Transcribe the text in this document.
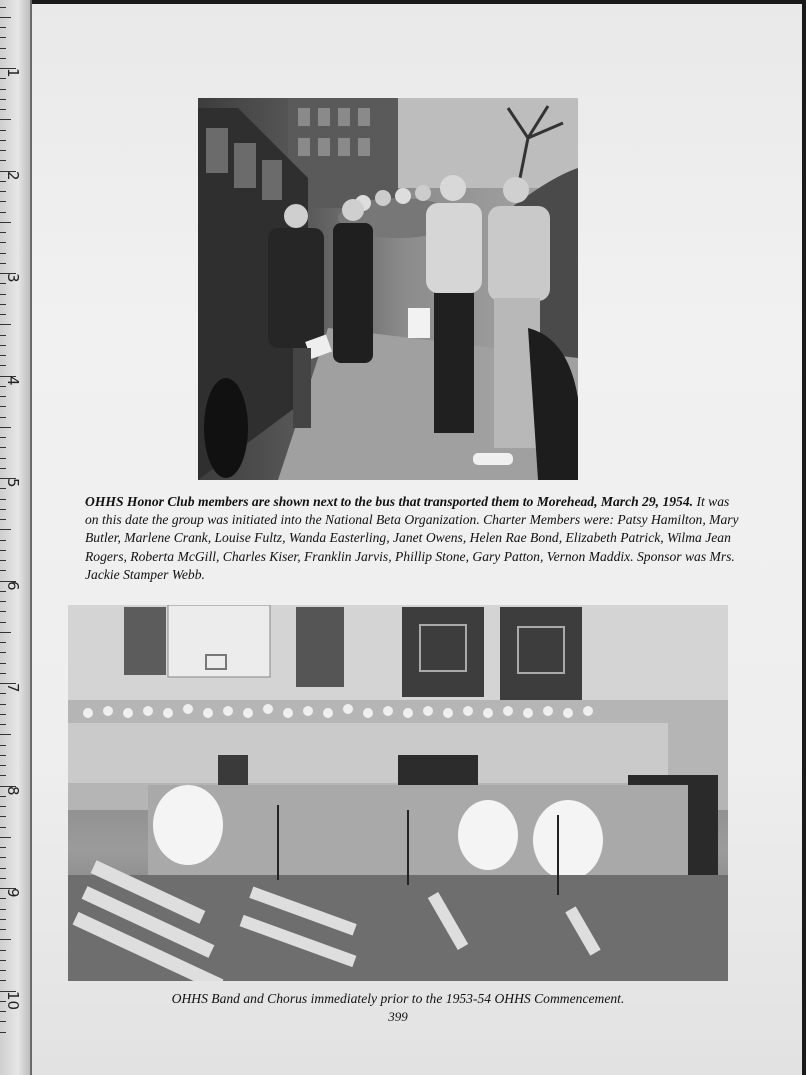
1
2
3
4
5
6
7
8
9
10
OHHS Honor Club members are shown next to the bus that transported them to Morehead, March 29, 1954. It was on this date the group was initiated into the National Beta Organization. Charter Members were: Patsy Hamilton, Mary Butler, Marlene Crank, Louise Fultz, Wanda Easterling, Janet Owens, Helen Rae Bond, Elizabeth Patrick, Wilma Jean Rogers, Roberta McGill, Charles Kiser, Franklin Jarvis, Phillip Stone, Gary Patton, Vernon Maddix. Sponsor was Mrs. Jackie Stamper Webb.
OHHS Band and Chorus immediately prior to the 1953-54 OHHS Commencement.
399
